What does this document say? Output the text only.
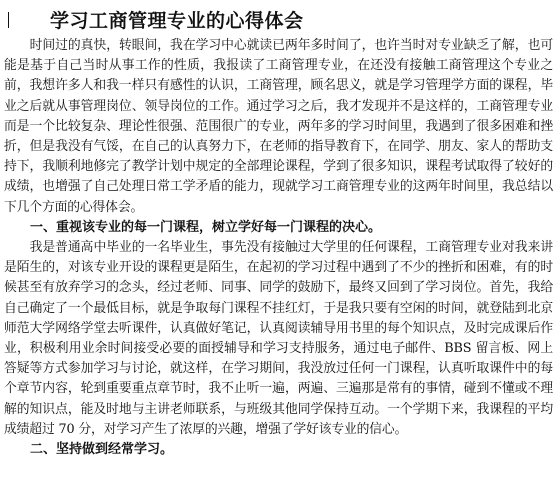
学习工商管理专业的心得体会

时间过的真快，转眼间，我在学习中心就读已两年多时间了，也许当时对专业缺乏了解，也可能是基于自己当时从事工作的性质，我报读了工商管理专业，在还没有接触工商管理这个专业之前，我想许多人和我一样只有感性的认识，工商管理，顾名思义，就是学习管理学方面的课程，毕业之后就从事管理岗位、领导岗位的工作。通过学习之后，我才发现并不是这样的，工商管理专业而是一个比较复杂、理论性很强、范围很广的专业，两年多的学习时间里，我遇到了很多困难和挫折，但是我没有气馁，在自己的认真努力下，在老师的指导教育下，在同学、朋友、家人的帮助支持下，我顺利地修完了教学计划中规定的全部理论课程，学到了很多知识，课程考试取得了较好的成绩，也增强了自己处理日常工学矛盾的能力，现就学习工商管理专业的这两年时间里，我总结以下几个方面的心得体会。

一、重视该专业的每一门课程，树立学好每一门课程的决心。

我是普通高中毕业的一名毕业生，事先没有接触过大学里的任何课程，工商管理专业对我来讲是陌生的，对该专业开设的课程更是陌生，在起初的学习过程中遇到了不少的挫折和困难，有的时候甚至有放弃学习的念头，经过老师、同事、同学的鼓励下，最终又回到了学习岗位。首先，我给自己确定了一个最低目标，就是争取每门课程不挂红灯，于是我只要有空闲的时间，就登陆到北京师范大学网络学堂去听课件，认真做好笔记，认真阅读辅导用书里的每个知识点，及时完成课后作业，积极利用业余时间接受必要的面授辅导和学习支持服务，通过电子邮件、BBS 留言板、网上答疑等方式参加学习与讨论，就这样，在学习期间，我没放过任何一门课程，认真听取课件中的每个章节内容，轮到重要重点章节时，我不止听一遍，两遍、三遍那是常有的事情，碰到不懂或不理解的知识点，能及时地与主讲老师联系，与班级其他同学保持互动。一个学期下来，我课程的平均成绩超过 70 分，对学习产生了浓厚的兴趣，增强了学好该专业的信心。

二、坚持做到经常学习。
